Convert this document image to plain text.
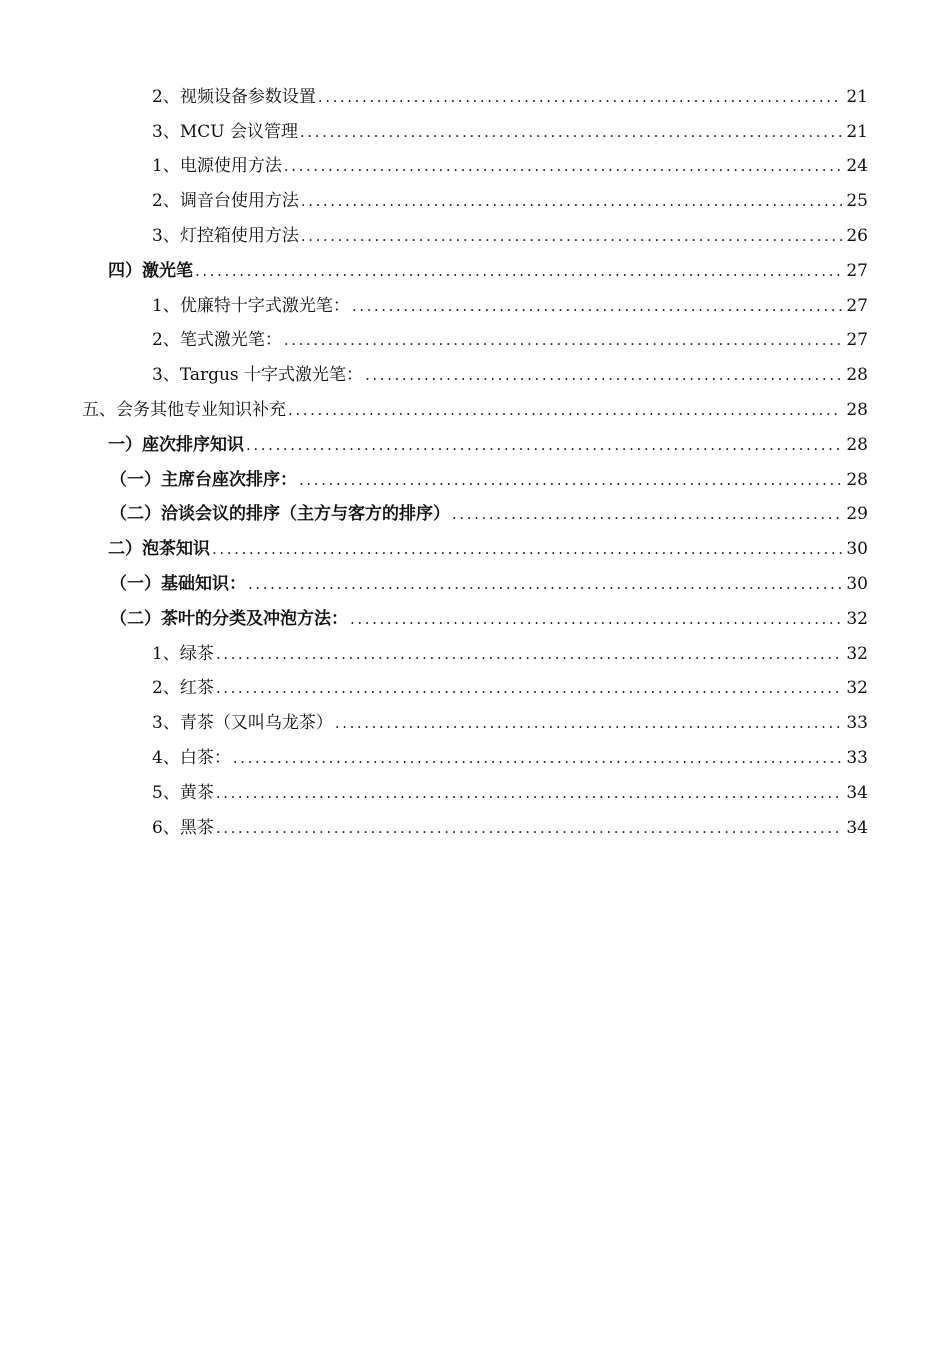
2、视频设备参数设置 .....	21
3、MCU 会议管理 .....	21
1、电源使用方法 .....	24
2、调音台使用方法 .....	25
3、灯控箱使用方法 .....	26
四）激光笔 .....	27
1、优廉特十字式激光笔： .....	27
2、笔式激光笔： .....	27
3、Targus 十字式激光笔： .....	28
五、会务其他专业知识补充 .....	28
一）座次排序知识 .....	28
（一）主席台座次排序： .....	28
（二）洽谈会议的排序（主方与客方的排序） .....	29
二）泡茶知识 .....	30
（一）基础知识： .....	30
（二）茶叶的分类及冲泡方法： .....	32
1、绿茶 .....	32
2、红茶 .....	32
3、青茶（又叫乌龙茶） .....	33
4、白茶： .....	33
5、黄茶 .....	34
6、黑茶 .....	34
